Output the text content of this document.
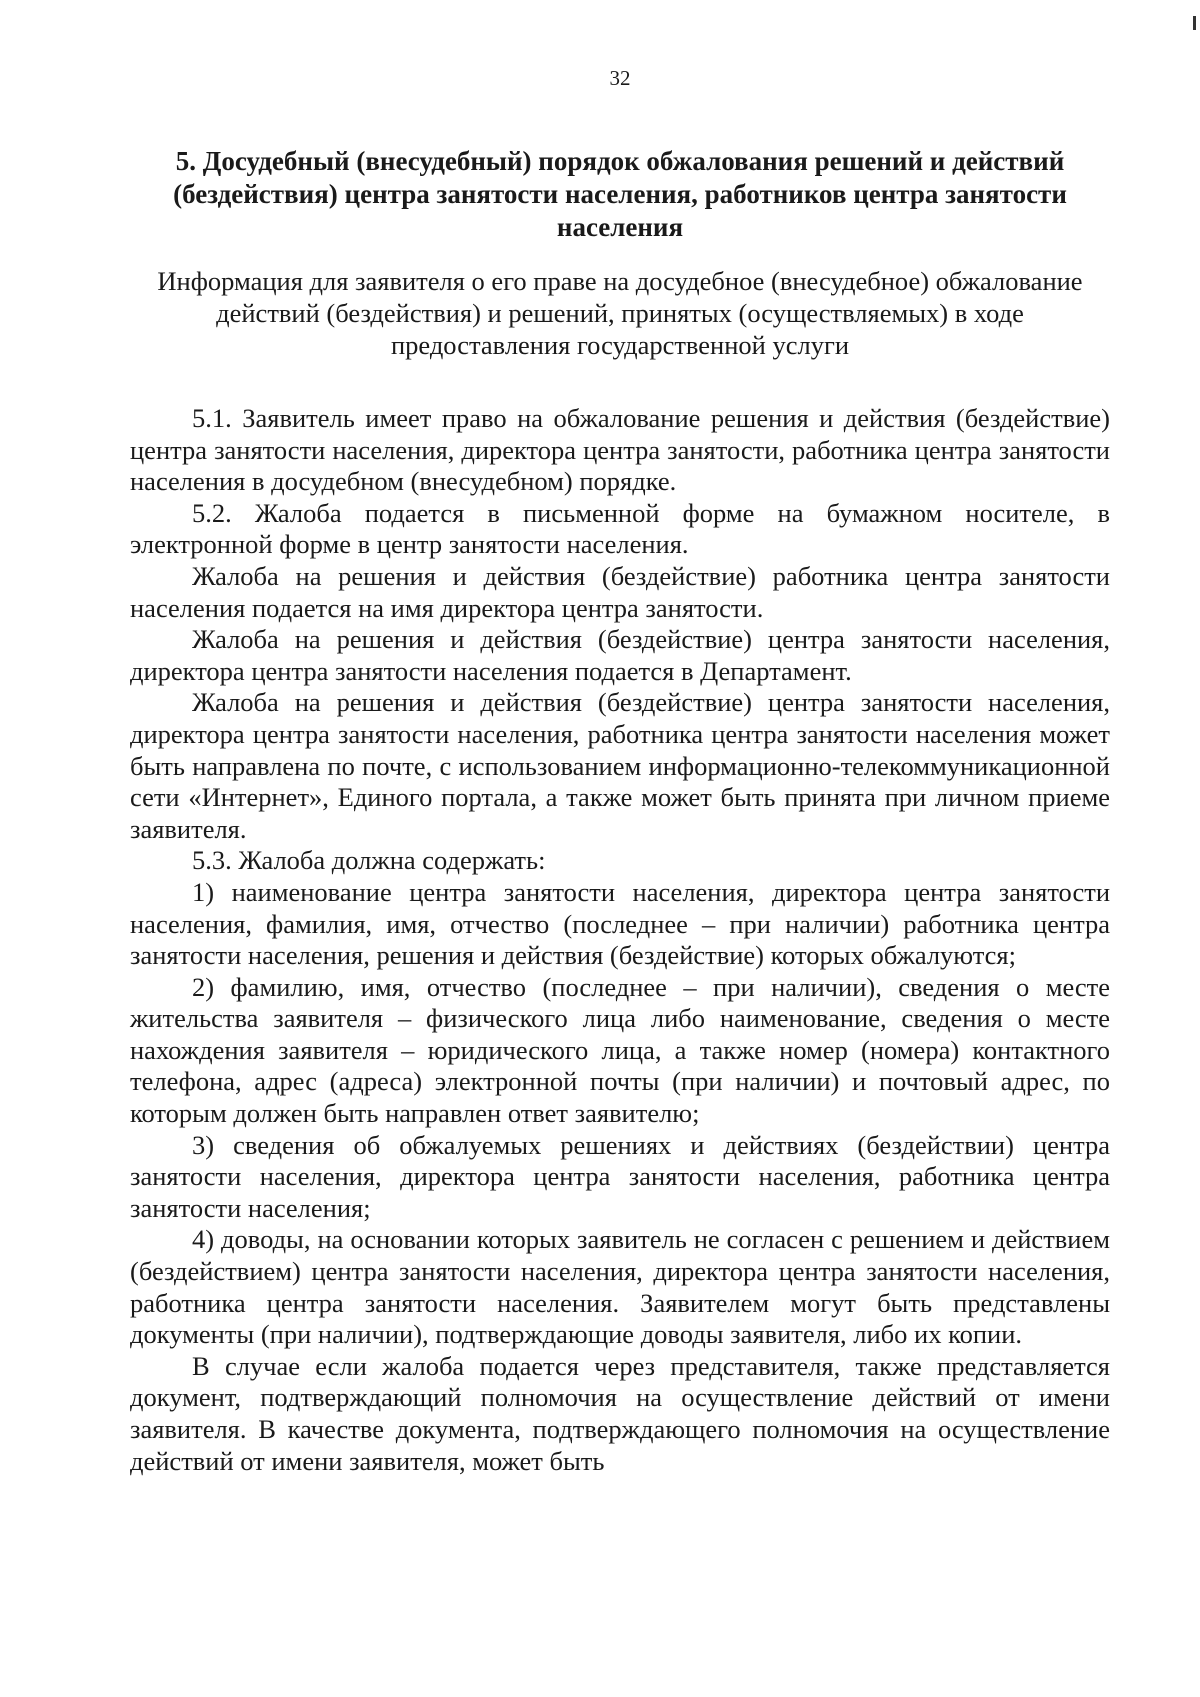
32
5. Досудебный (внесудебный) порядок обжалования решений и действий (бездействия) центра занятости населения, работников центра занятости населения
Информация для заявителя о его праве на досудебное (внесудебное) обжалование действий (бездействия) и решений, принятых (осуществляемых) в ходе предоставления государственной услуги

5.1. Заявитель имеет право на обжалование решения и действия (бездействие) центра занятости населения, директора центра занятости, работника центра занятости населения в досудебном (внесудебном) порядке.

5.2. Жалоба подается в письменной форме на бумажном носителе, в электронной форме в центр занятости населения.

Жалоба на решения и действия (бездействие) работника центра занятости населения подается на имя директора центра занятости.

Жалоба на решения и действия (бездействие) центра занятости населения, директора центра занятости населения подается в Департамент.

Жалоба на решения и действия (бездействие) центра занятости населения, директора центра занятости населения, работника центра занятости населения может быть направлена по почте, с использованием информационно-телекоммуникационной сети «Интернет», Единого портала, а также может быть принята при личном приеме заявителя.

5.3. Жалоба должна содержать:

1) наименование центра занятости населения, директора центра занятости населения, фамилия, имя, отчество (последнее – при наличии) работника центра занятости населения, решения и действия (бездействие) которых обжалуются;

2) фамилию, имя, отчество (последнее – при наличии), сведения о месте жительства заявителя – физического лица либо наименование, сведения о месте нахождения заявителя – юридического лица, а также номер (номера) контактного телефона, адрес (адреса) электронной почты (при наличии) и почтовый адрес, по которым должен быть направлен ответ заявителю;

3) сведения об обжалуемых решениях и действиях (бездействии) центра занятости населения, директора центра занятости населения, работника центра занятости населения;

4) доводы, на основании которых заявитель не согласен с решением и действием (бездействием) центра занятости населения, директора центра занятости населения, работника центра занятости населения. Заявителем могут быть представлены документы (при наличии), подтверждающие доводы заявителя, либо их копии.

В случае если жалоба подается через представителя, также представляется документ, подтверждающий полномочия на осуществление действий от имени заявителя. В качестве документа, подтверждающего полномочия на осуществление действий от имени заявителя, может быть
